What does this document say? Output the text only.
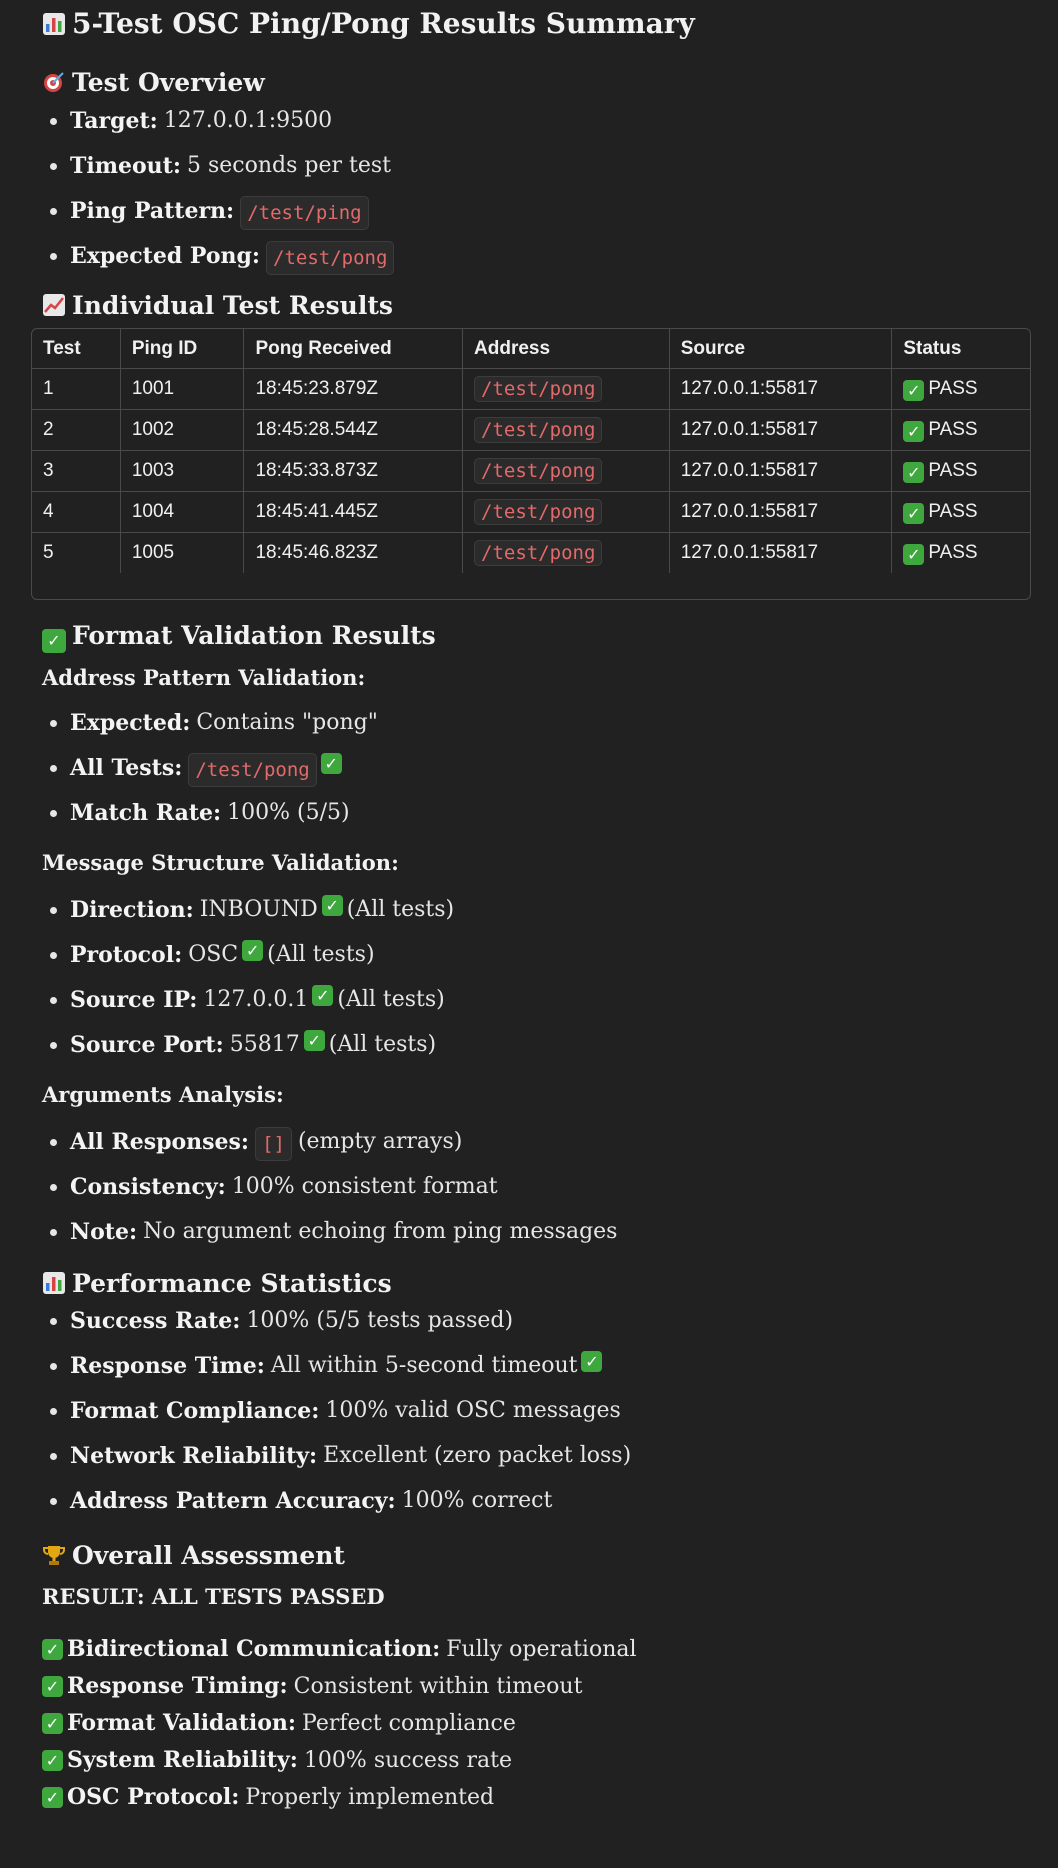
5-Test OSC Ping/Pong Results Summary
Test Overview
Target: 127.0.0.1:9500
Timeout: 5 seconds per test
Ping Pattern: /test/ping
Expected Pong: /test/pong
Individual Test Results
Test	Ping ID	Pong Received	Address	Source	Status
1	1001	18:45:23.879Z	/test/pong	127.0.0.1:55817	✓ PASS
2	1002	18:45:28.544Z	/test/pong	127.0.0.1:55817	✓ PASS
3	1003	18:45:33.873Z	/test/pong	127.0.0.1:55817	✓ PASS
4	1004	18:45:41.445Z	/test/pong	127.0.0.1:55817	✓ PASS
5	1005	18:45:46.823Z	/test/pong	127.0.0.1:55817	✓ PASS
✓ Format Validation Results
Address Pattern Validation:
Expected: Contains "pong"
All Tests: /test/pong ✓
Match Rate: 100% (5/5)
Message Structure Validation:
Direction: INBOUND ✓ (All tests)
Protocol: OSC ✓ (All tests)
Source IP: 127.0.0.1 ✓ (All tests)
Source Port: 55817 ✓ (All tests)
Arguments Analysis:
All Responses: [] (empty arrays)
Consistency: 100% consistent format
Note: No argument echoing from ping messages
Performance Statistics
Success Rate: 100% (5/5 tests passed)
Response Time: All within 5-second timeout ✓
Format Compliance: 100% valid OSC messages
Network Reliability: Excellent (zero packet loss)
Address Pattern Accuracy: 100% correct
Overall Assessment
RESULT: ALL TESTS PASSED
✓ Bidirectional Communication: Fully operational
✓ Response Timing: Consistent within timeout
✓ Format Validation: Perfect compliance
✓ System Reliability: 100% success rate
✓ OSC Protocol: Properly implemented
